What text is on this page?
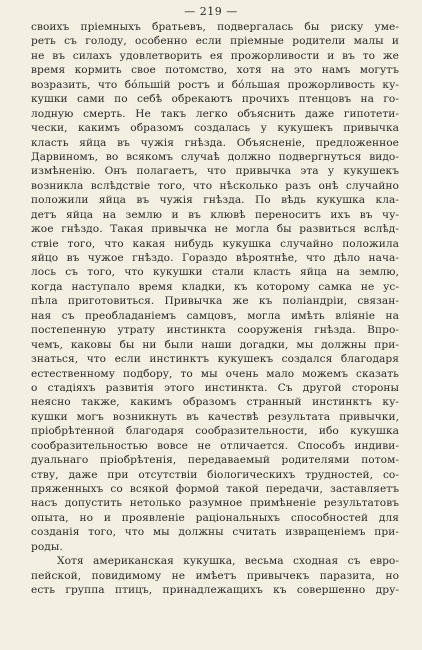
— 219 —
своихъ пріемныхъ братьевъ, подвергалась бы риску уме-
реть съ голоду, особенно если пріемные родители малы и
не въ силахъ удовлетворить ея прожорливости и въ то же
время кормить свое потомство, хотя на это намъ могутъ
возразить, что бóльшій ростъ и бóльшая прожорливость ку-
кушки сами по себѣ обрекаютъ прочихъ птенцовъ на го-
лодную смерть. Не такъ легко объяснить даже гипотети-
чески, какимъ образомъ создалась у кукушекъ привычка
класть яйца въ чужія гнѣзда. Объясненіе, предложенное
Дарвиномъ, во всякомъ случаѣ должно подвергнуться видо-
измѣненію. Онъ полагаетъ, что привычка эта у кукушекъ
возникла вслѣдствіе того, что нѣсколько разъ онѣ случайно
положили яйца въ чужія гнѣзда. По вѣдь кукушка кла-
детъ яйца на землю и въ клювѣ переноситъ ихъ въ чу-
жое гнѣздо. Такая привычка не могла бы развиться вслѣд-
ствіе того, что какая нибудь кукушка случайно положила
яйцо въ чужое гнѣздо. Гораздо вѣроятнѣе, что дѣло нача-
лось съ того, что кукушки стали класть яйца на землю,
когда наступало время кладки, къ которому самка не ус-
пѣла приготовиться. Привычка же къ поліандріи, связан-
ная съ преобладаніемъ самцовъ, могла имѣть вліяніе на
постепенную утрату инстинкта сооруженія гнѣзда. Впро-
чемъ, каковы бы ни были наши догадки, мы должны при-
знаться, что если инстинктъ кукушекъ создался благодаря
естественному подбору, то мы очень мало можемъ сказать
о стадіяхъ развитія этого инстинкта. Съ другой стороны
неясно также, какимъ образомъ странный инстинктъ ку-
кушки могъ возникнуть въ качествѣ результата привычки,
пріобрѣтенной благодаря сообразительности, ибо кукушка
сообразительностью вовсе не отличается. Способъ индиви-
дуальнаго пріобрѣтенія, передаваемый родителями потом-
ству, даже при отсутствіи біологическихъ трудностей, со-
пряженныхъ со всякой формой такой передачи, заставляетъ
насъ допустить нетолько разумное примѣненіе результатовъ
опыта, но и проявленіе раціональныхъ способностей для
созданія того, что мы должны считать извращеніемъ при-
роды.
Хотя американская кукушка, весьма сходная съ евро-
пейской, повидимому не имѣетъ привычекъ паразита, но
есть группа птицъ, принадлежащихъ къ совершенно дру-
